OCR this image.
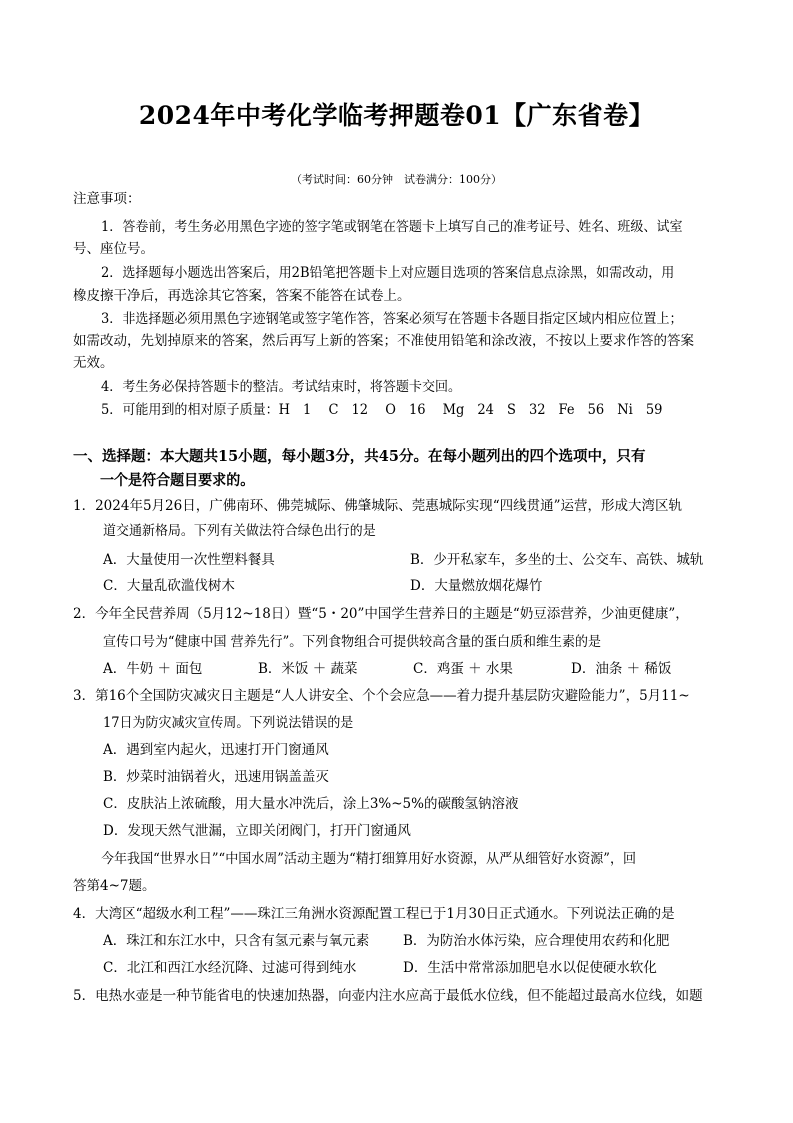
2024年中考化学临考押题卷01【广东省卷】
（考试时间：60分钟　试卷满分：100分）
注意事项：
1．答卷前，考生务必用黑色字迹的签字笔或钢笔在答题卡上填写自己的准考证号、姓名、班级、试室
号、座位号。
2．选择题每小题选出答案后，用2B铅笔把答题卡上对应题目选项的答案信息点涂黑，如需改动，用
橡皮擦干净后，再选涂其它答案，答案不能答在试卷上。
3．非选择题必须用黑色字迹钢笔或签字笔作答，答案必须写在答题卡各题目指定区域内相应位置上；
如需改动，先划掉原来的答案，然后再写上新的答案；不准使用铅笔和涂改液，不按以上要求作答的答案
无效。
4．考生务必保持答题卡的整洁。考试结束时，将答题卡交回。
5．可能用到的相对原子质量：H　1　 C　12　 O　16　 Mg　24　S　32　Fe　56　Ni　59
一、选择题：本大题共15小题，每小题3分，共45分。在每小题列出的四个选项中，只有
一个是符合题目要求的。
1．2024年5月26日，广佛南环、佛莞城际、佛肇城际、莞惠城际实现“四线贯通”运营，形成大湾区轨
道交通新格局。下列有关做法符合绿色出行的是
A．大量使用一次性塑料餐具	B．少开私家车，多坐的士、公交车、高铁、城轨
C．大量乱砍滥伐树木	D．大量燃放烟花爆竹
2．今年全民营养周（5月12~18日）暨“5・20”中国学生营养日的主题是“奶豆添营养，少油更健康”，
宣传口号为“健康中国 营养先行”。下列食物组合可提供较高含量的蛋白质和维生素的是
A．牛奶 ＋ 面包	B．米饭 ＋ 蔬菜	C．鸡蛋 ＋ 水果	D．油条 ＋ 稀饭
3．第16个全国防灾减灾日主题是“人人讲安全、个个会应急——着力提升基层防灾避险能力”，5月11~
17日为防灾减灾宣传周。下列说法错误的是
A．遇到室内起火，迅速打开门窗通风
B．炒菜时油锅着火，迅速用锅盖盖灭
C．皮肤沾上浓硫酸，用大量水冲洗后，涂上3%~5%的碳酸氢钠溶液
D．发现天然气泄漏，立即关闭阀门，打开门窗通风
今年我国“世界水日”“中国水周”活动主题为“精打细算用好水资源，从严从细管好水资源”，回
答第4~7题。
4．大湾区“超级水利工程”——珠江三角洲水资源配置工程已于1月30日正式通水。下列说法正确的是
A．珠江和东江水中，只含有氢元素与氧元素	B．为防治水体污染，应合理使用农药和化肥
C．北江和西江水经沉降、过滤可得到纯水	D．生活中常常添加肥皂水以促使硬水软化
5．电热水壶是一种节能省电的快速加热器，向壶内注水应高于最低水位线，但不能超过最高水位线，如题
